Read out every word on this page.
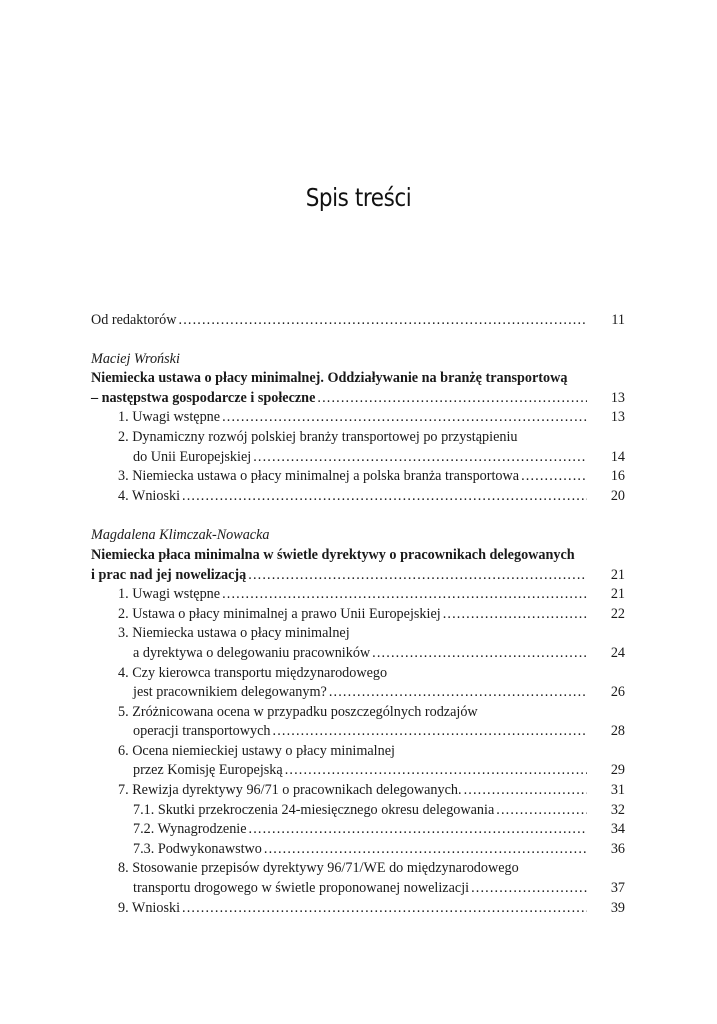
Spis treści
Od redaktorów . . .	11
Maciej Wroński
Niemiecka ustawa o płacy minimalnej. Oddziaływanie na branżę transportową
– następstwa gospodarcze i społeczne . . .	13
1. Uwagi wstępne . . .	13
2. Dynamiczny rozwój polskiej branży transportowej po przystąpieniu
do Unii Europejskiej . . .	14
3. Niemiecka ustawa o płacy minimalnej a polska branża transportowa . . .	16
4. Wnioski . . .	20
Magdalena Klimczak-Nowacka
Niemiecka płaca minimalna w świetle dyrektywy o pracownikach delegowanych
i prac nad jej nowelizacją . . .	21
1. Uwagi wstępne . . .	21
2. Ustawa o płacy minimalnej a prawo Unii Europejskiej . . .	22
3. Niemiecka ustawa o płacy minimalnej
a dyrektywa o delegowaniu pracowników . . .	24
4. Czy kierowca transportu międzynarodowego
jest pracownikiem delegowanym? . . .	26
5. Zróżnicowana ocena w przypadku poszczególnych rodzajów
operacji transportowych . . .	28
6. Ocena niemieckiej ustawy o płacy minimalnej
przez Komisję Europejską . . .	29
7. Rewizja dyrektywy 96/71 o pracownikach delegowanych. . . .	31
7.1. Skutki przekroczenia 24-miesięcznego okresu delegowania . . .	32
7.2. Wynagrodzenie . . .	34
7.3. Podwykonawstwo . . .	36
8. Stosowanie przepisów dyrektywy 96/71/WE do międzynarodowego
transportu drogowego w świetle proponowanej nowelizacji . . .	37
9. Wnioski . . .	39
